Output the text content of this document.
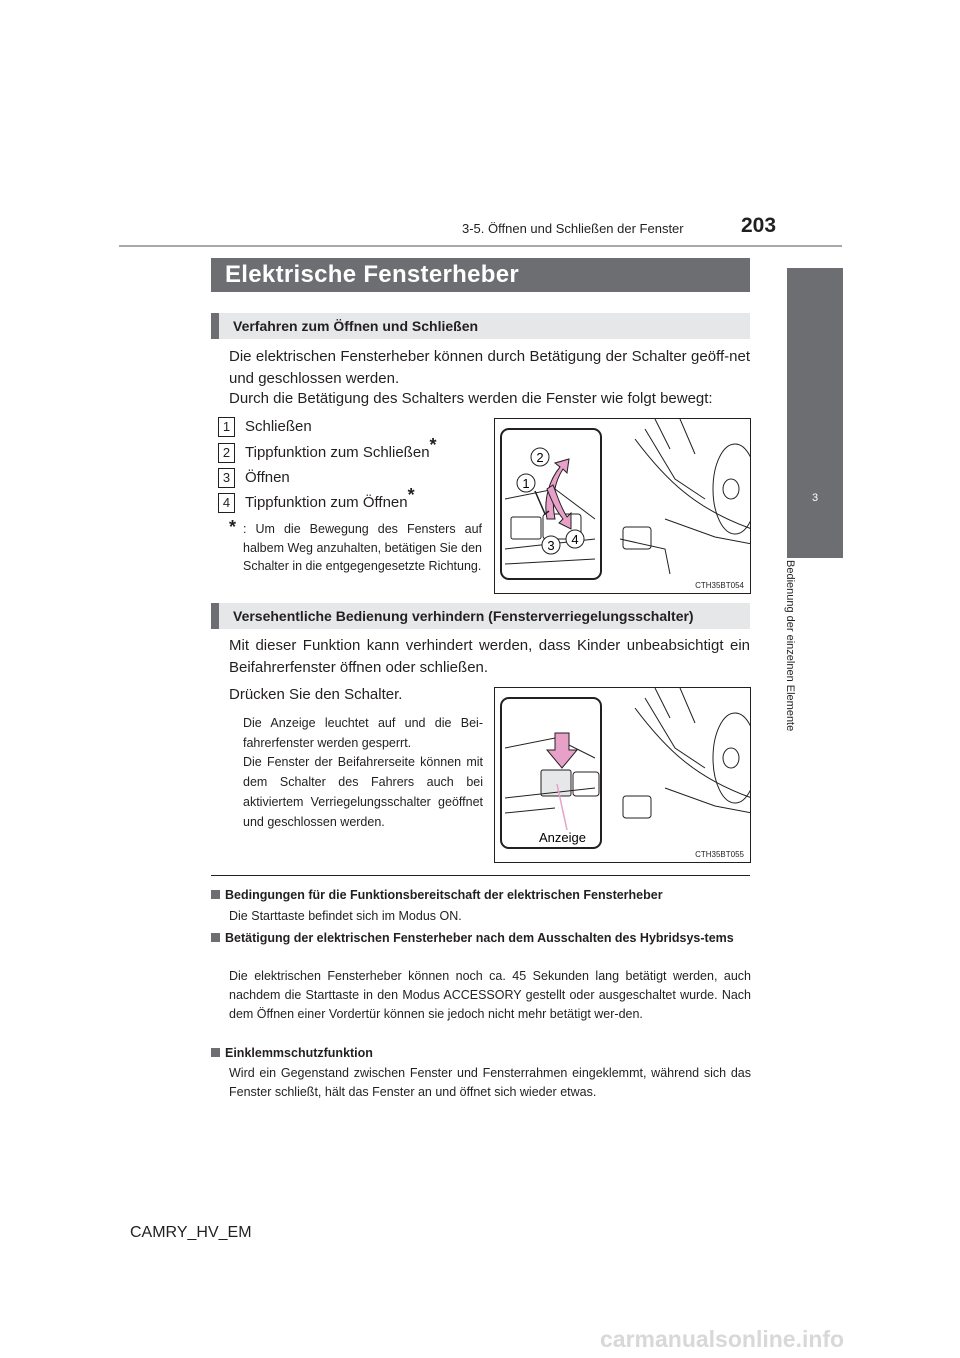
3-5. Öffnen und Schließen der Fenster	203
3
Bedienung der einzelnen Elemente
Elektrische Fensterheber
Verfahren zum Öffnen und Schließen
Die elektrischen Fensterheber können durch Betätigung der Schalter geöff-net und geschlossen werden.
Durch die Betätigung des Schalters werden die Fenster wie folgt bewegt:
1 Schließen
2 Tippfunktion zum Schließen*
3 Öffnen
4 Tippfunktion zum Öffnen*
* : Um die Bewegung des Fensters auf halbem Weg anzuhalten, betätigen Sie den Schalter in die entgegengesetzte Richtung.
1
2
3 4
CTH35BT054
Versehentliche Bedienung verhindern (Fensterverriegelungsschalter)
Mit dieser Funktion kann verhindert werden, dass Kinder unbeabsichtigt ein Beifahrerfenster öffnen oder schließen.
Drücken Sie den Schalter.
Die Anzeige leuchtet auf und die Bei-fahrerfenster werden gesperrt.
Die Fenster der Beifahrerseite können mit dem Schalter des Fahrers auch bei aktiviertem Verriegelungsschalter geöffnet und geschlossen werden.
Anzeige
CTH35BT055
Bedingungen für die Funktionsbereitschaft der elektrischen Fensterheber
Die Starttaste befindet sich im Modus ON.
Betätigung der elektrischen Fensterheber nach dem Ausschalten des Hybridsys-tems
Die elektrischen Fensterheber können noch ca. 45 Sekunden lang betätigt werden, auch nachdem die Starttaste in den Modus ACCESSORY gestellt oder ausgeschaltet wurde. Nach dem Öffnen einer Vordertür können sie jedoch nicht mehr betätigt wer-den.
Einklemmschutzfunktion
Wird ein Gegenstand zwischen Fenster und Fensterrahmen eingeklemmt, während sich das Fenster schließt, hält das Fenster an und öffnet sich wieder etwas.
CAMRY_HV_EM
carmanualsonline.info
